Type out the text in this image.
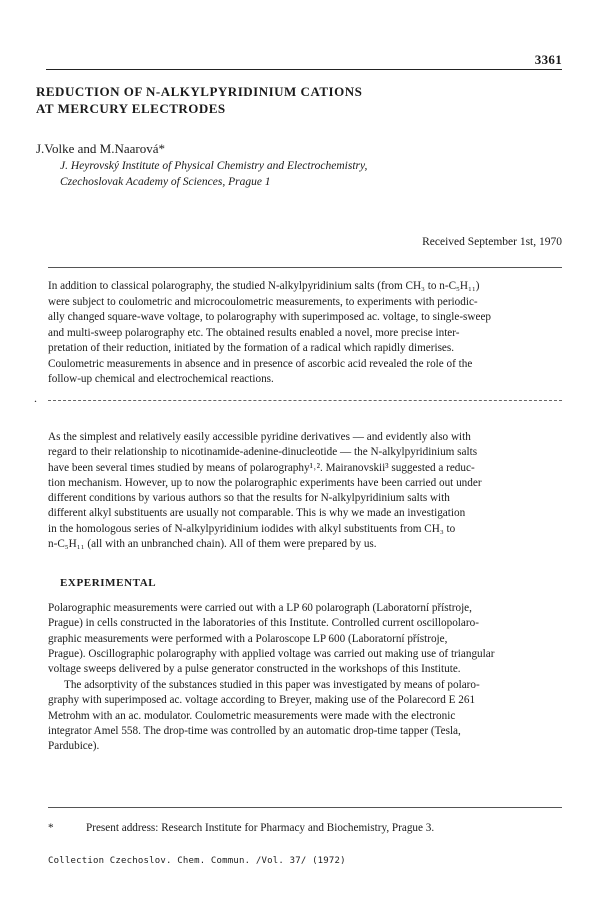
3361
REDUCTION OF N-ALKYLPYRIDINIUM CATIONS
AT MERCURY ELECTRODES
J.Volke and M.Naarová*
J. Heyrovský Institute of Physical Chemistry and Electrochemistry,
Czechoslovak Academy of Sciences, Prague 1
Received September 1st, 1970
In addition to classical polarography, the studied N-alkylpyridinium salts (from CH₃ to n-C₅H₁₁)
were subject to coulometric and microcoulometric measurements, to experiments with periodic-
ally changed square-wave voltage, to polarography with superimposed ac. voltage, to single-sweep
and multi-sweep polarography etc. The obtained results enabled a novel, more precise inter-
pretation of their reduction, initiated by the formation of a radical which rapidly dimerises.
Coulometric measurements in absence and in presence of ascorbic acid revealed the role of the
follow-up chemical and electrochemical reactions.
.
As the simplest and relatively easily accessible pyridine derivatives — and evidently also with
regard to their relationship to nicotinamide-adenine-dinucleotide — the N-alkylpyridinium salts
have been several times studied by means of polarography¹˒². Mairanovskii³ suggested a reduc-
tion mechanism. However, up to now the polarographic experiments have been carried out under
different conditions by various authors so that the results for N-alkylpyridinium salts with
different alkyl substituents are usually not comparable. This is why we made an investigation
in the homologous series of N-alkylpyridinium iodides with alkyl substituents from CH₃ to
n-C₅H₁₁ (all with an unbranched chain). All of them were prepared by us.
EXPERIMENTAL
Polarographic measurements were carried out with a LP 60 polarograph (Laboratorní přístroje,
Prague) in cells constructed in the laboratories of this Institute. Controlled current oscillopolaro-
graphic measurements were performed with a Polaroscope LP 600 (Laboratorní přístroje,
Prague). Oscillographic polarography with applied voltage was carried out making use of triangular
voltage sweeps delivered by a pulse generator constructed in the workshops of this Institute.
The adsorptivity of the substances studied in this paper was investigated by means of polaro-
graphy with superimposed ac. voltage according to Breyer, making use of the Polarecord E 261
Metrohm with an ac. modulator. Coulometric measurements were made with the electronic
integrator Amel 558. The drop-time was controlled by an automatic drop-time tapper (Tesla,
Pardubice).
*	Present address: Research Institute for Pharmacy and Biochemistry, Prague 3.
Collection Czechoslov. Chem. Commun. /Vol. 37/ (1972)
